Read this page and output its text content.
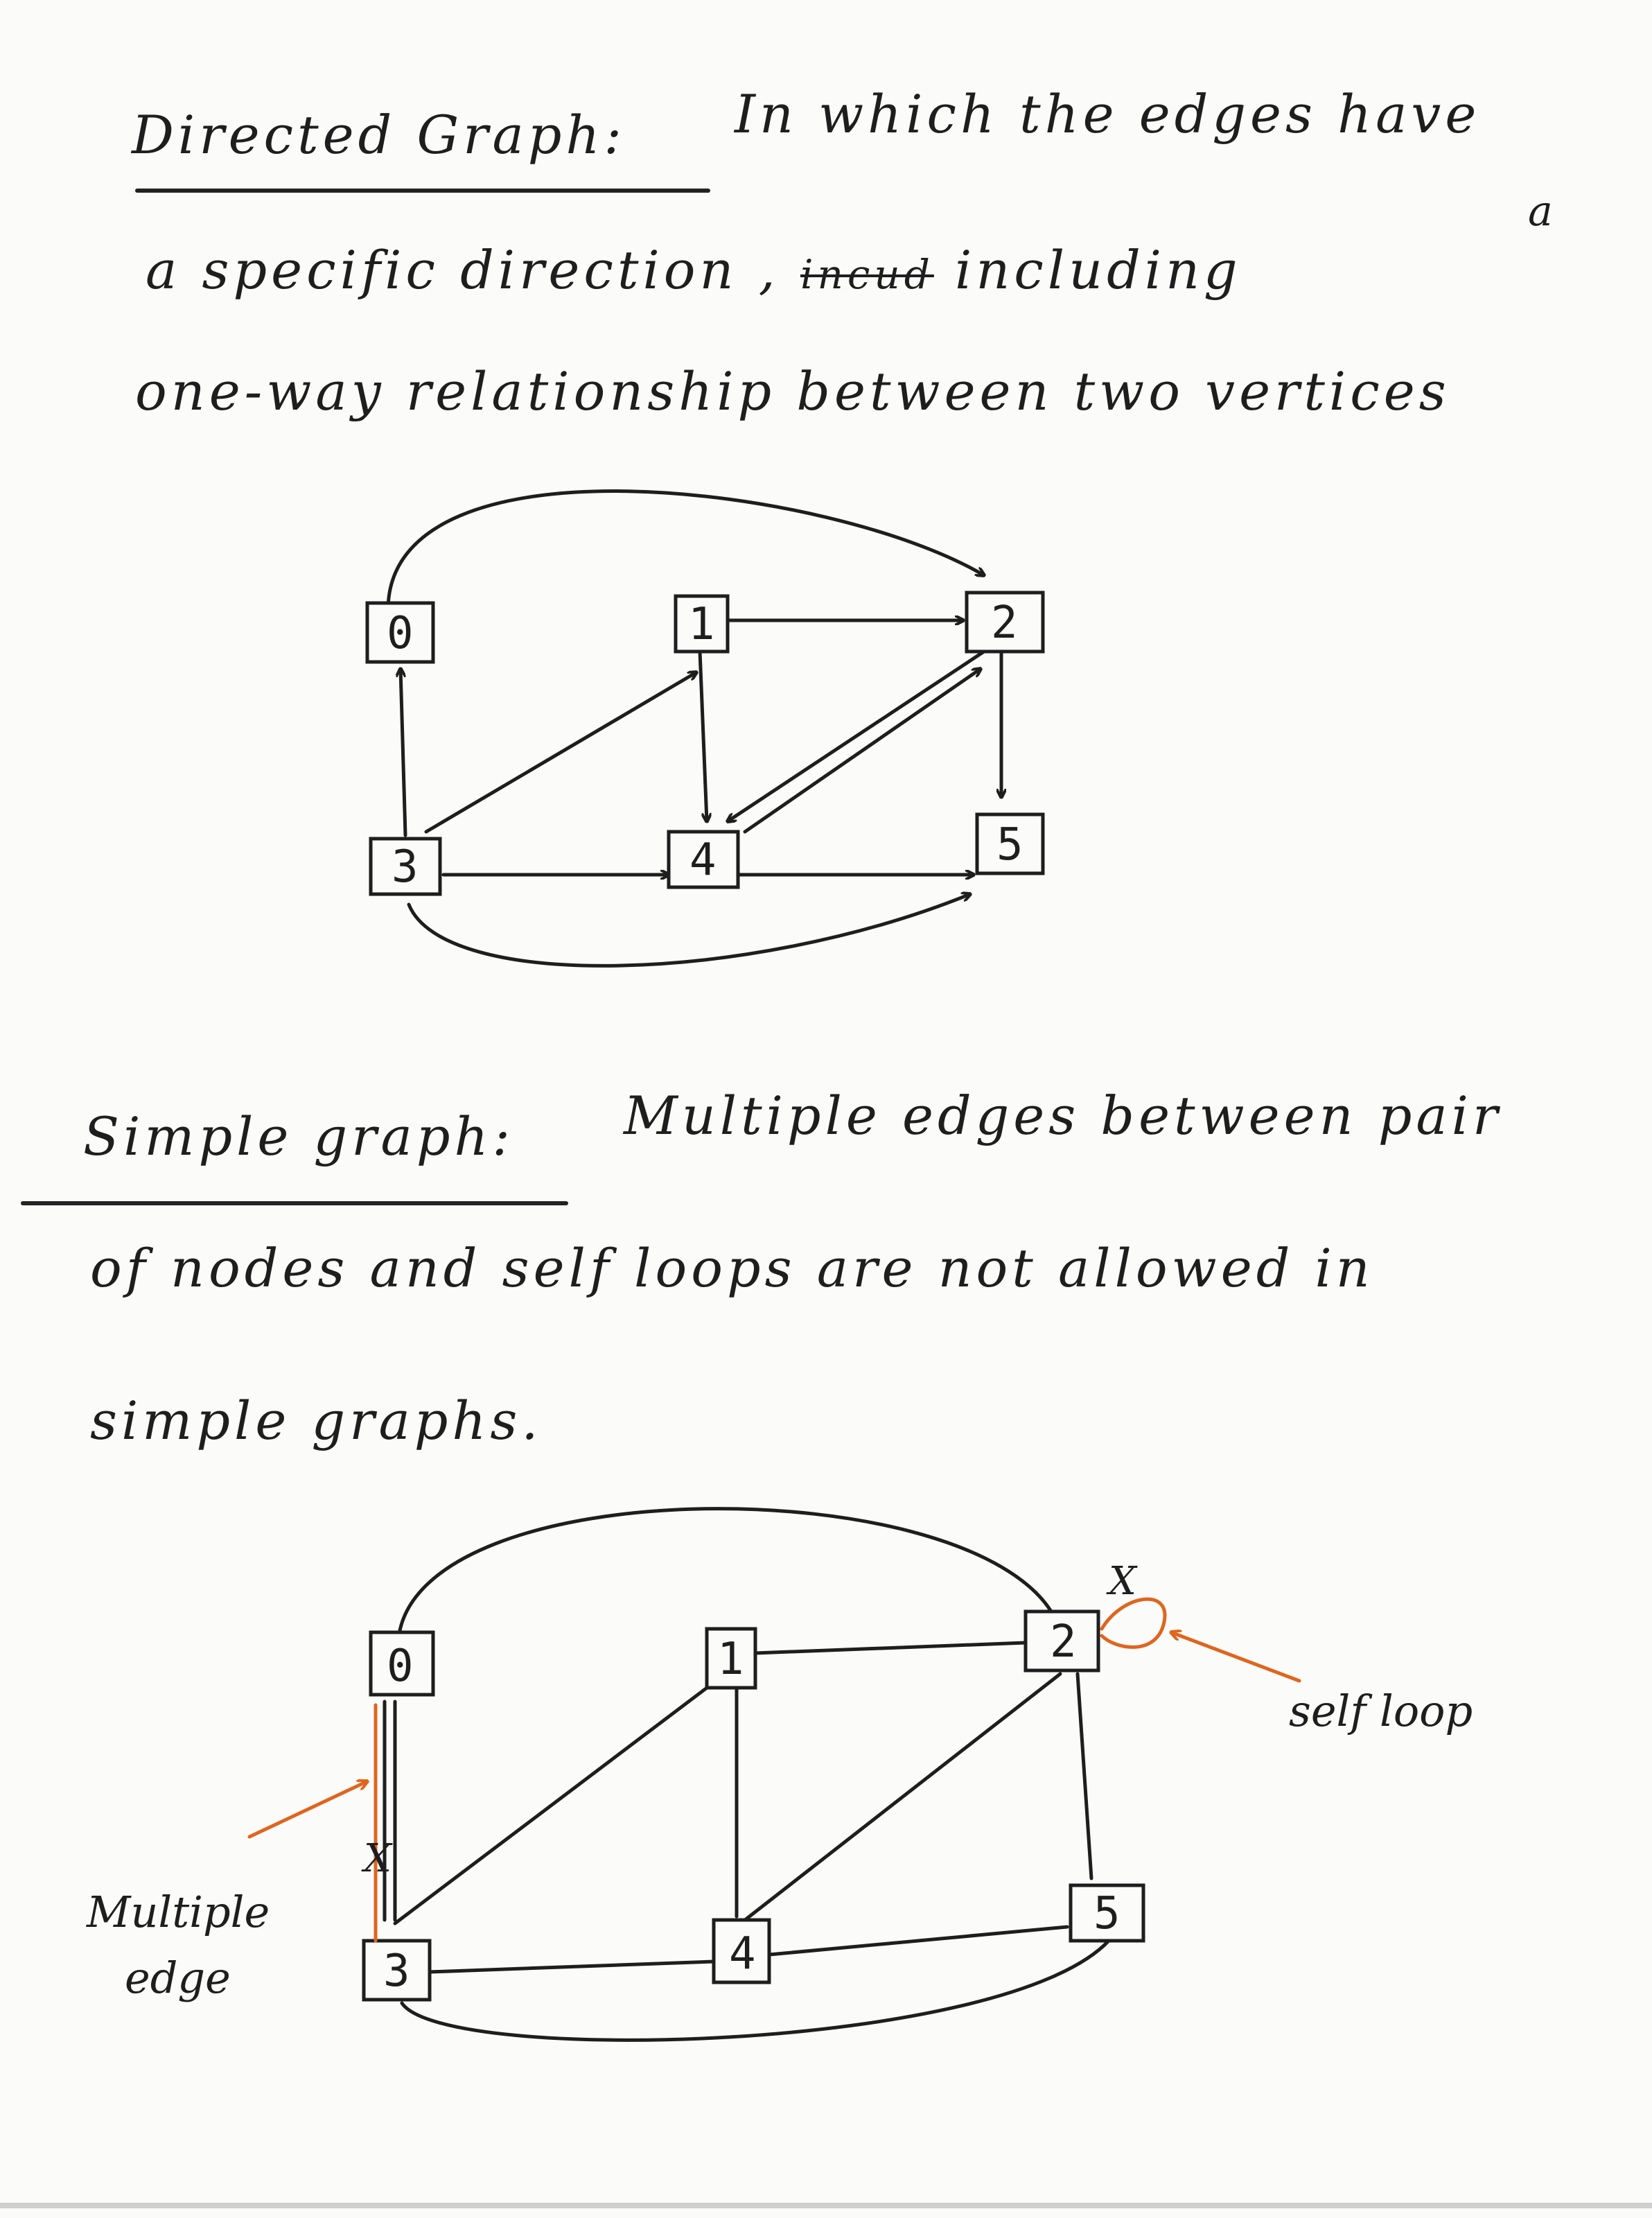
Directed Graph: In which the edges have
a specific direction , incud including
a
one-way relationship between two vertices
Simple graph: Multiple edges between pair
of nodes and self loops are not allowed in
simple graphs.
0	1	2
3	4	5
0	1	2
3	4
5
Multiple
edge
self loop
X
X
